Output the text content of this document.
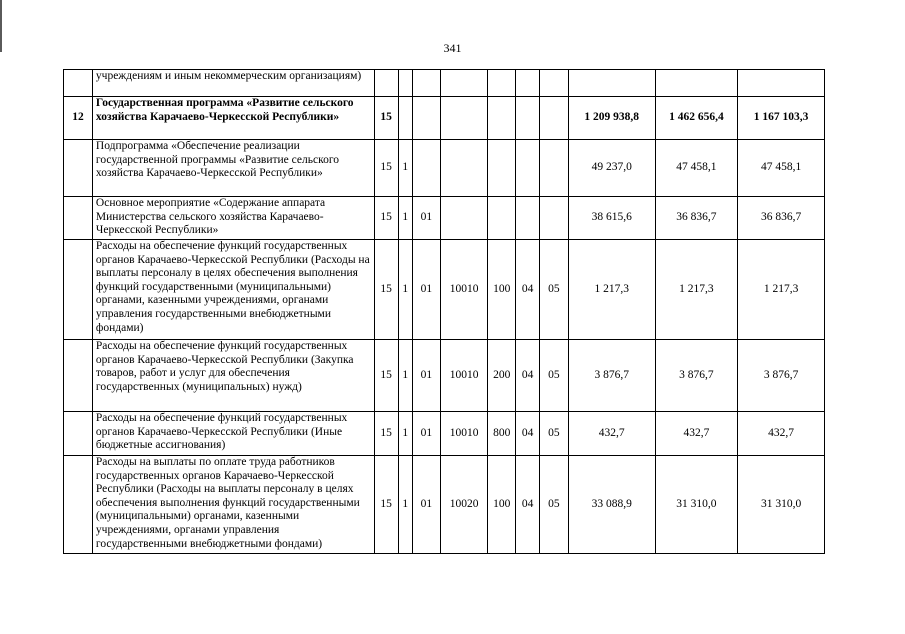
341
	учреждениям и иным некоммерческим организациям)										
12	Государственная программа «Развитие сельского хозяйства Карачаево-Черкесской Республики»	15							1 209 938,8	1 462 656,4	1 167 103,3
	Подпрограмма «Обеспечение реализации государственной программы «Развитие сельского хозяйства Карачаево-Черкесской Республики»	15	1						49 237,0	47 458,1	47 458,1
	Основное мероприятие «Содержание аппарата Министерства сельского хозяйства Карачаево-Черкесской Республики»	15	1	01					38 615,6	36 836,7	36 836,7
	Расходы на обеспечение функций государственных органов Карачаево-Черкесской Республики (Расходы на выплаты персоналу в целях обеспечения выполнения функций государственными (муниципальными) органами, казенными учреждениями, органами управления государственными внебюджетными фондами)	15	1	01	10010	100	04	05	1 217,3	1 217,3	1 217,3
	Расходы на обеспечение функций государственных органов Карачаево-Черкесской Республики (Закупка товаров, работ и услуг для обеспечения государственных (муниципальных) нужд)	15	1	01	10010	200	04	05	3 876,7	3 876,7	3 876,7
	Расходы на обеспечение функций государственных органов Карачаево-Черкесской Республики (Иные бюджетные ассигнования)	15	1	01	10010	800	04	05	432,7	432,7	432,7
	Расходы на выплаты по оплате труда работников государственных органов Карачаево-Черкесской Республики (Расходы на выплаты персоналу в целях обеспечения выполнения функций государственными (муниципальными) органами, казенными учреждениями, органами управления государственными внебюджетными фондами)	15	1	01	10020	100	04	05	33 088,9	31 310,0	31 310,0
